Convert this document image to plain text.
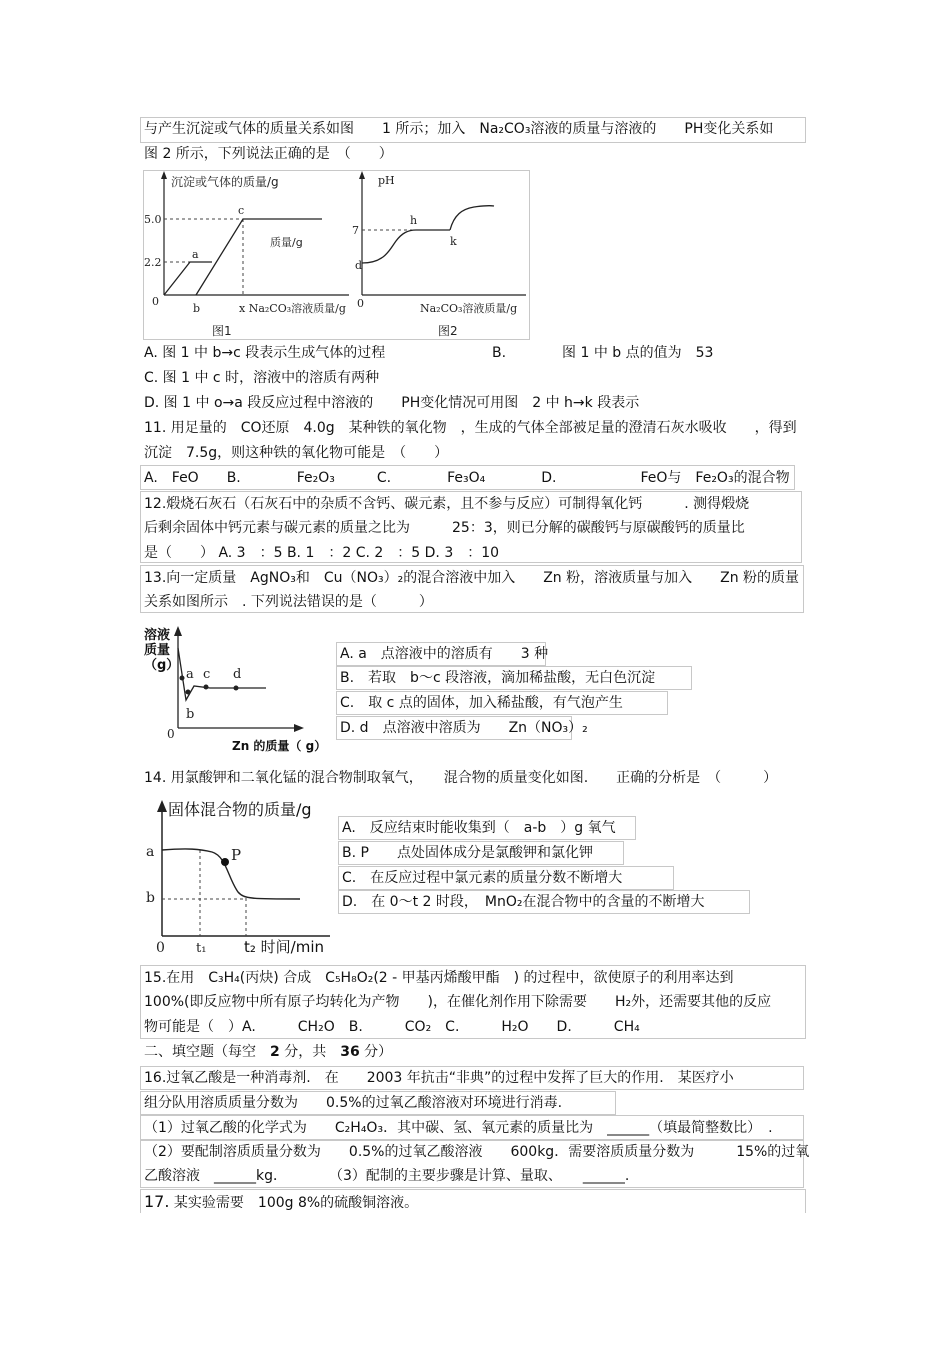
与产生沉淀或气体的质量关系如图　　1 所示；加入　Na₂CO₃溶液的质量与溶液的　　PH变化关系如
图 2 所示，下列说法正确的是　（　　）
沉淀或气体的质量/g
5.0
2.2
0
a
b
c
质量/g
x Na₂CO₃溶液质量/g
图1
pH
7
d
h
k
0	Na₂CO₃溶液质量/g
图2
A. 图 1 中 b→c 段表示生成气体的过程	B.　　　　图 1 中 b 点的值为　53
C. 图 1 中 c 时，溶液中的溶质有两种
D. 图 1 中 o→a 段反应过程中溶液的　　PH变化情况可用图　2 中 h→k 段表示
11. 用足量的　CO还原　4.0g　某种铁的氧化物　，生成的气体全部被足量的澄清石灰水吸收　　，得到
沉淀　7.5g，则这种铁的氧化物可能是　（　　）
A.　FeO　　B.　　　　Fe₂O₃　　　C.　　　　Fe₃O₄　　　　D.　　　　　　FeO与　Fe₂O₃的混合物
12.煅烧石灰石（石灰石中的杂质不含钙、碳元素，且不参与反应）可制得氧化钙　　　. 测得煅烧
后剩余固体中钙元素与碳元素的质量之比为　　　25：3，则已分解的碳酸钙与原碳酸钙的质量比
是（　　） A. 3　：5 B. 1　：2 C. 2　：5 D. 3　：10
13.向一定质量　AgNO₃和　Cu（NO₃）₂的混合溶液中加入　　Zn 粉，溶液质量与加入　　Zn 粉的质量
关系如图所示　. 下列说法错误的是（　　　）
a
b
c d
0
溶液质量（g）
Zn 的质量（ g）
A. a　点溶液中的溶质有　　3 种
B.　若取　b～c 段溶液，滴加稀盐酸，无白色沉淀
C.　取 c 点的固体，加入稀盐酸，有气泡产生
D. d　点溶液中溶质为　　Zn（NO₃）₂
14. 用氯酸钾和二氧化锰的混合物制取氧气，　　混合物的质量变化如图.　　正确的分析是　（　　　）
a	P
b
0 t₁
固体混合物的质量/g
t₂ 时间/min
A.　反应结束时能收集到（　a-b　）g 氧气
B. P　　点处固体成分是氯酸钾和氯化钾
C.　在反应过程中氯元素的质量分数不断增大
D.　在 0～t 2 时段，　MnO₂在混合物中的含量的不断增大
15.在用　C₃H₄(丙炔) 合成　C₅H₈O₂(2 - 甲基丙烯酸甲酯　) 的过程中，欲使原子的利用率达到
100%(即反应物中所有原子均转化为产物　　)，在催化剂作用下除需要　　H₂外，还需要其他的反应
物可能是（　）A.　　　CH₂O　B.　　　CO₂　C.　　　H₂O　　D.　　　CH₄
二、填空题（每空　2 分，共　36 分）
16.过氧乙酸是一种消毒剂.　在　　2003 年抗击“非典”的过程中发挥了巨大的作用.　某医疗小
组分队用溶质质量分数为　　0.5%的过氧乙酸溶液对环境进行消毒.
（1）过氧乙酸的化学式为　　C₂H₄O₃．其中碳、氢、氧元素的质量比为　______（填最简整数比）　.
（2）要配制溶质质量分数为　　0.5%的过氧乙酸溶液　　600kg．需要溶质质量分数为　　　15%的过氧
乙酸溶液　______kg．　　　　（3）配制的主要步骤是计算、量取、　　______.
17. 某实验需要　100g 8%的硫酸铜溶液。
